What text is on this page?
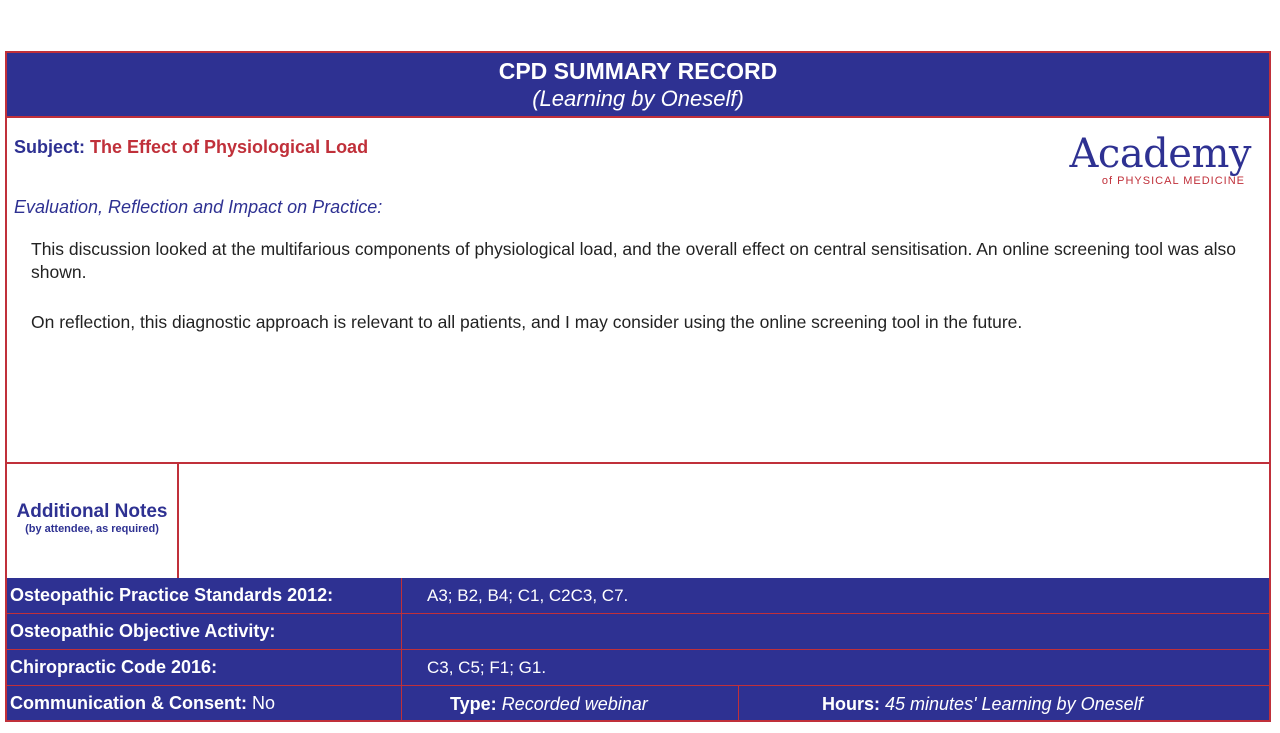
CPD SUMMARY RECORD
(Learning by Oneself)
Subject: The Effect of Physiological Load	Academy
of PHYSICAL MEDICINE
Evaluation, Reflection and Impact on Practice:

This discussion looked at the multifarious components of physiological load, and the overall effect on central sensitisation. An online screening tool was also shown.

On reflection, this diagnostic approach is relevant to all patients, and I may consider using the online screening tool in the future.

Additional Notes
(by attendee, as required)
Osteopathic Practice Standards 2012:	A3; B2, B4; C1, C2C3, C7.
Osteopathic Objective Activity:
Chiropractic Code 2016:	C3, C5; F1; G1.
Communication & Consent: No	Type: Recorded webinar	Hours: 45 minutes' Learning by Oneself
